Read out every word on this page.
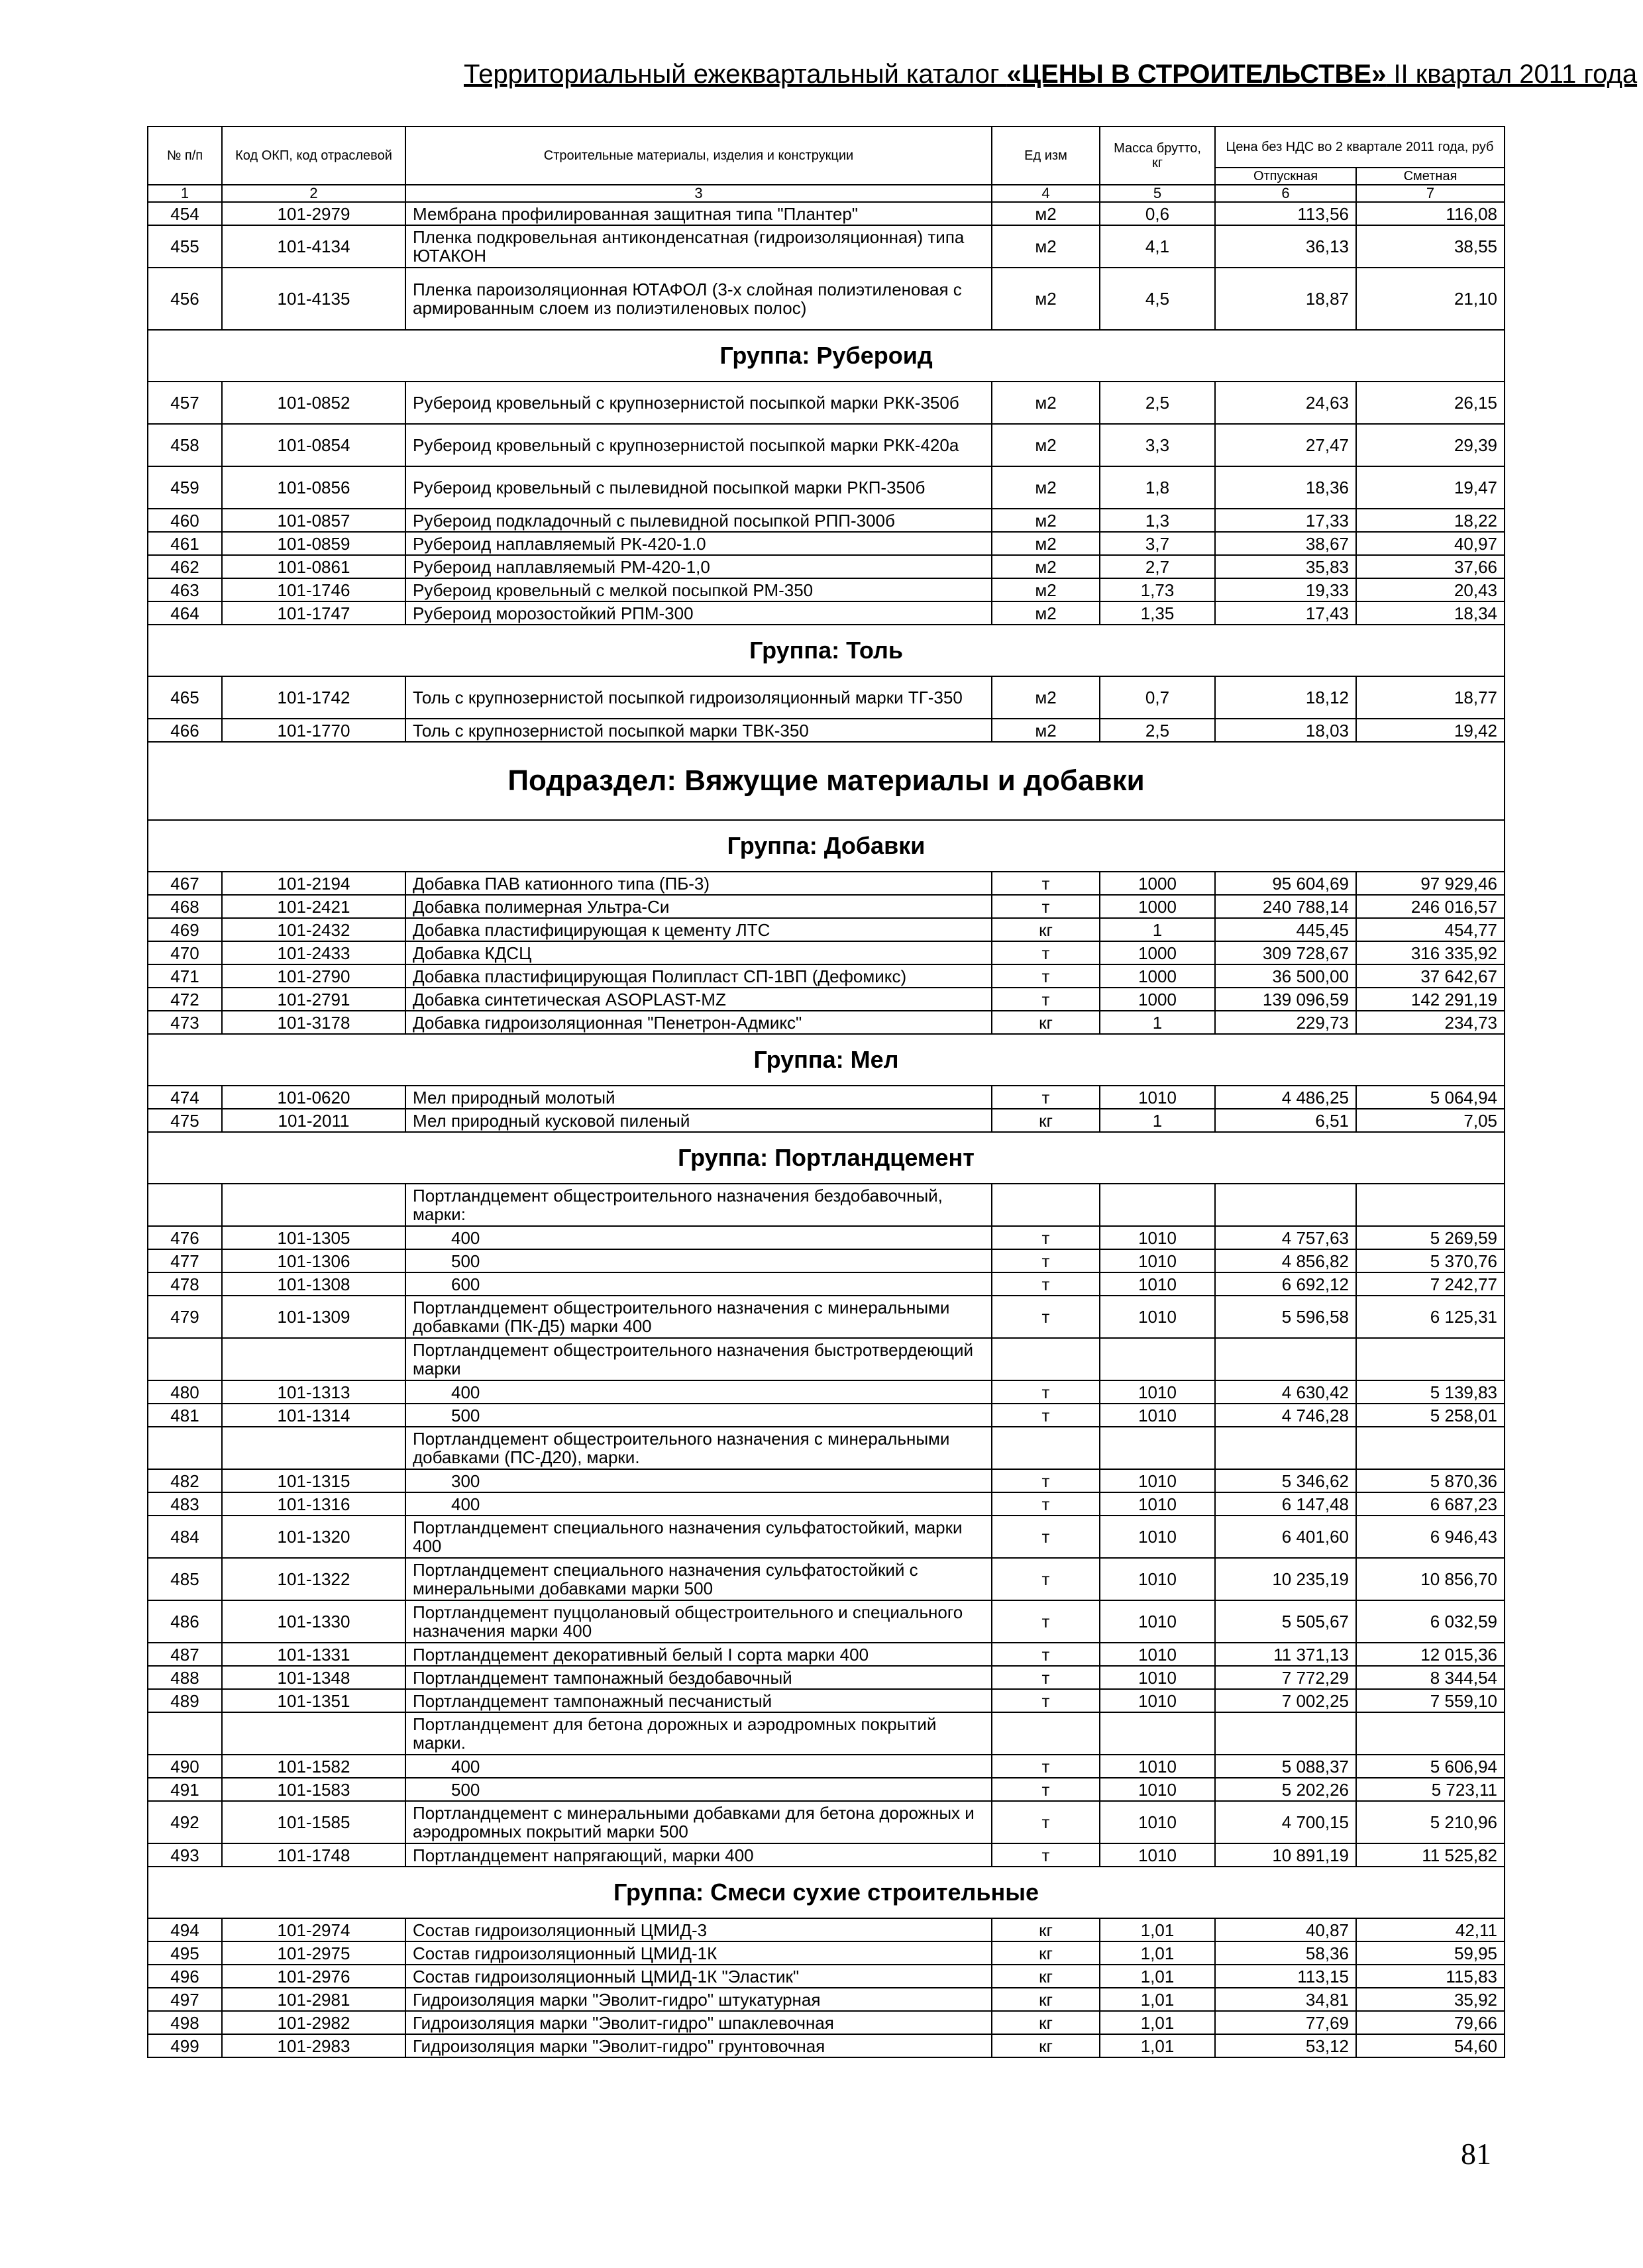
Территориальный ежеквартальный каталог «ЦЕНЫ В СТРОИТЕЛЬСТВЕ» II квартал 2011 года
№ п/п	Код ОКП, код отраслевой	Строительные материалы, изделия и конструкции	Ед изм	Масса брутто, кг	Цена без НДС во 2 квартале 2011 года, руб	
					Отпускная	Сметная
1	2	3	4	5	6	7
454	101-2979	Мембрана профилированная защитная типа "Плантер"	м2	0,6	113,56	116,08
455	101-4134	Пленка подкровельная антиконденсатная (гидроизоляционная) типа ЮТАКОН	м2	4,1	36,13	38,55
456	101-4135	Пленка пароизоляционная ЮТАФОЛ (3-х слойная полиэтиленовая с армированным слоем из полиэтиленовых полос)	м2	4,5	18,87	21,10
Группа: Рубероид						
457	101-0852	Рубероид кровельный с крупнозернистой посыпкой марки РКК-350б	м2	2,5	24,63	26,15
458	101-0854	Рубероид кровельный с крупнозернистой посыпкой марки РКК-420а	м2	3,3	27,47	29,39
459	101-0856	Рубероид кровельный с пылевидной посыпкой марки РКП-350б	м2	1,8	18,36	19,47
460	101-0857	Рубероид подкладочный с пылевидной посыпкой РПП-300б	м2	1,3	17,33	18,22
461	101-0859	Рубероид наплавляемый РК-420-1.0	м2	3,7	38,67	40,97
462	101-0861	Рубероид наплавляемый РМ-420-1,0	м2	2,7	35,83	37,66
463	101-1746	Рубероид кровельный с мелкой посыпкой РМ-350	м2	1,73	19,33	20,43
464	101-1747	Рубероид морозостойкий РПМ-300	м2	1,35	17,43	18,34
Группа: Толь						
465	101-1742	Толь с крупнозернистой посыпкой гидроизоляционный марки ТГ-350	м2	0,7	18,12	18,77
466	101-1770	Толь с крупнозернистой посыпкой марки ТВК-350	м2	2,5	18,03	19,42
Подраздел: Вяжущие материалы и добавки						
Группа: Добавки						
467	101-2194	Добавка ПАВ катионного типа (ПБ-3)	т	1000	95 604,69	97 929,46
468	101-2421	Добавка полимерная Ультра-Си	т	1000	240 788,14	246 016,57
469	101-2432	Добавка пластифицирующая к цементу ЛТС	кг	1	445,45	454,77
470	101-2433	Добавка КДСЦ	т	1000	309 728,67	316 335,92
471	101-2790	Добавка пластифицирующая Полипласт СП-1ВП (Дефомикс)	т	1000	36 500,00	37 642,67
472	101-2791	Добавка синтетическая ASOPLAST-MZ	т	1000	139 096,59	142 291,19
473	101-3178	Добавка гидроизоляционная "Пенетрон-Адмикс"	кг	1	229,73	234,73
Группа: Мел						
474	101-0620	Мел природный молотый	т	1010	4 486,25	5 064,94
475	101-2011	Мел природный кусковой пиленый	кг	1	6,51	7,05
Группа: Портландцемент						
		Портландцемент общестроительного назначения бездобавочный, марки:				
476	101-1305	400	т	1010	4 757,63	5 269,59
477	101-1306	500	т	1010	4 856,82	5 370,76
478	101-1308	600	т	1010	6 692,12	7 242,77
479	101-1309	Портландцемент общестроительного назначения с минеральными добавками (ПК-Д5) марки 400	т	1010	5 596,58	6 125,31
		Портландцемент общестроительного назначения быстротвердеющий марки				
480	101-1313	400	т	1010	4 630,42	5 139,83
481	101-1314	500	т	1010	4 746,28	5 258,01
		Портландцемент общестроительного назначения с минеральными добавками (ПС-Д20), марки.				
482	101-1315	300	т	1010	5 346,62	5 870,36
483	101-1316	400	т	1010	6 147,48	6 687,23
484	101-1320	Портландцемент специального назначения сульфатостойкий, марки 400	т	1010	6 401,60	6 946,43
485	101-1322	Портландцемент специального назначения сульфатостойкий с минеральными добавками марки 500	т	1010	10 235,19	10 856,70
486	101-1330	Портландцемент пуццолановый общестроительного и специального назначения марки 400	т	1010	5 505,67	6 032,59
487	101-1331	Портландцемент декоративный белый I сорта марки 400	т	1010	11 371,13	12 015,36
488	101-1348	Портландцемент тампонажный бездобавочный	т	1010	7 772,29	8 344,54
489	101-1351	Портландцемент тампонажный песчанистый	т	1010	7 002,25	7 559,10
		Портландцемент для бетона дорожных и аэродромных покрытий марки.				
490	101-1582	400	т	1010	5 088,37	5 606,94
491	101-1583	500	т	1010	5 202,26	5 723,11
492	101-1585	Портландцемент с минеральными добавками для бетона дорожных и аэродромных покрытий марки 500	т	1010	4 700,15	5 210,96
493	101-1748	Портландцемент напрягающий, марки 400	т	1010	10 891,19	11 525,82
Группа: Смеси сухие строительные						
494	101-2974	Состав гидроизоляционный ЦМИД-3	кг	1,01	40,87	42,11
495	101-2975	Состав гидроизоляционный ЦМИД-1К	кг	1,01	58,36	59,95
496	101-2976	Состав гидроизоляционный ЦМИД-1К "Эластик"	кг	1,01	113,15	115,83
497	101-2981	Гидроизоляция марки "Эволит-гидро" штукатурная	кг	1,01	34,81	35,92
498	101-2982	Гидроизоляция марки "Эволит-гидро" шпаклевочная	кг	1,01	77,69	79,66
499	101-2983	Гидроизоляция марки "Эволит-гидро" грунтовочная	кг	1,01	53,12	54,60
81
